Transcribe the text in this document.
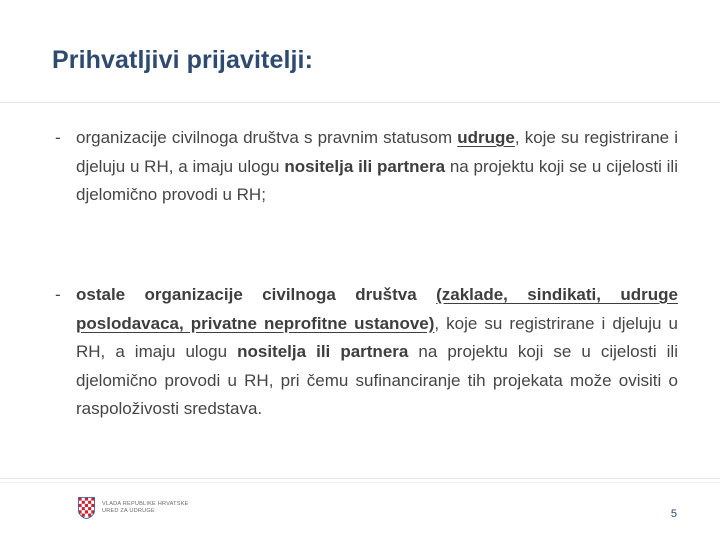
Prihvatljivi prijavitelji:
- organizacije civilnoga društva s pravnim statusom udruge, koje su registrirane i djeluju u RH, a imaju ulogu nositelja ili partnera na projektu koji se u cijelosti ili djelomično provodi u RH;
- ostale organizacije civilnoga društva (zaklade, sindikati, udruge poslodavaca, privatne neprofitne ustanove), koje su registrirane i djeluju u RH, a imaju ulogu nositelja ili partnera na projektu koji se u cijelosti ili djelomično provodi u RH, pri čemu sufinanciranje tih projekata može ovisiti o raspoloživosti sredstava.
VLADA REPUBLIKE HRVATSKE
URED ZA UDRUGE	5
